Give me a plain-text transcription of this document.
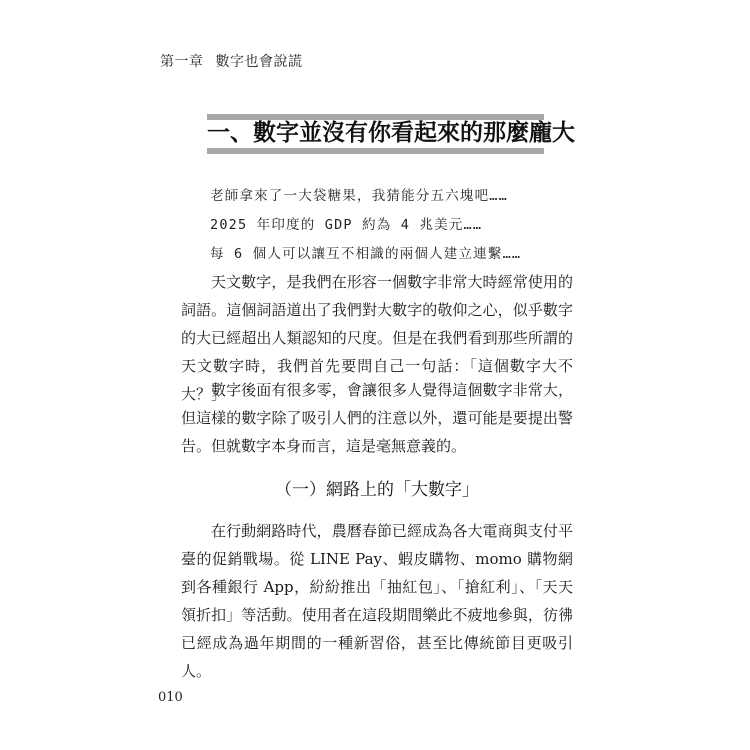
第一章 數字也會說謊
一、數字並沒有你看起來的那麼龐大
老師拿來了一大袋糖果，我猜能分五六塊吧……
2025 年印度的 GDP 約為 4 兆美元……
每 6 個人可以讓互不相識的兩個人建立連繫……

天文數字，是我們在形容一個數字非常大時經常使用的詞語。這個詞語道出了我們對大數字的敬仰之心，似乎數字的大已經超出人類認知的尺度。但是在我們看到那些所謂的天文數字時，我們首先要問自己一句話：「這個數字大不大？」

數字後面有很多零，會讓很多人覺得這個數字非常大，但這樣的數字除了吸引人們的注意以外，還可能是要提出警告。但就數字本身而言，這是毫無意義的。

（一）網路上的「大數字」

在行動網路時代，農曆春節已經成為各大電商與支付平臺的促銷戰場。從 LINE Pay、蝦皮購物、momo 購物網到各種銀行 App，紛紛推出「抽紅包」、「搶紅利」、「天天領折扣」等活動。使用者在這段期間樂此不疲地參與，彷彿已經成為過年期間的一種新習俗，甚至比傳統節目更吸引人。

010
